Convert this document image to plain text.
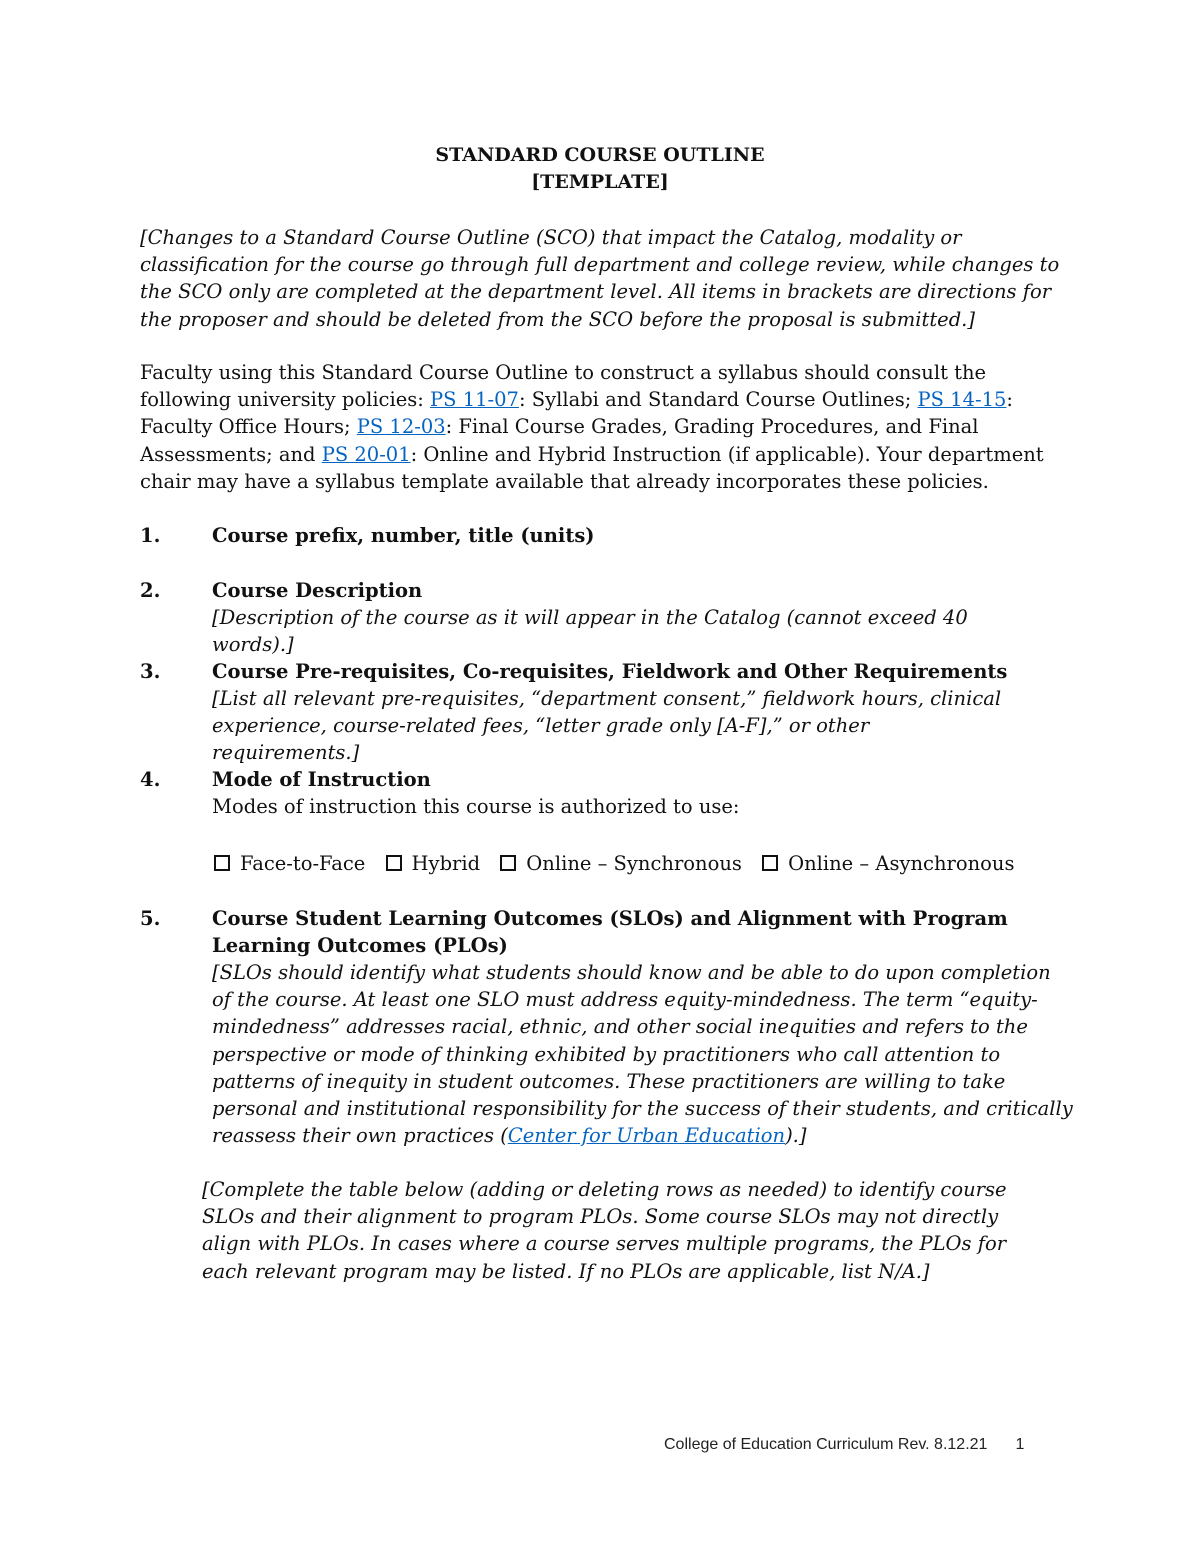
STANDARD COURSE OUTLINE
[TEMPLATE]
[Changes to a Standard Course Outline (SCO) that impact the Catalog, modality or classification for the course go through full department and college review, while changes to the SCO only are completed at the department level. All items in brackets are directions for the proposer and should be deleted from the SCO before the proposal is submitted.]
Faculty using this Standard Course Outline to construct a syllabus should consult the following university policies: PS 11-07: Syllabi and Standard Course Outlines; PS 14-15: Faculty Office Hours; PS 12-03: Final Course Grades, Grading Procedures, and Final Assessments; and PS 20-01: Online and Hybrid Instruction (if applicable). Your department chair may have a syllabus template available that already incorporates these policies.
1.	Course prefix, number, title (units)
2.	Course Description
[Description of the course as it will appear in the Catalog (cannot exceed 40 words).]
3.	Course Pre-requisites, Co-requisites, Fieldwork and Other Requirements
[List all relevant pre-requisites, “department consent,” fieldwork hours, clinical experience, course-related fees, “letter grade only [A-F],” or other requirements.]
4.	Mode of Instruction
Modes of instruction this course is authorized to use:
Face-to-Face Hybrid Online – Synchronous Online – Asynchronous
5.	Course Student Learning Outcomes (SLOs) and Alignment with Program Learning Outcomes (PLOs)
[SLOs should identify what students should know and be able to do upon completion of the course. At least one SLO must address equity-mindedness. The term “equity-mindedness” addresses racial, ethnic, and other social inequities and refers to the perspective or mode of thinking exhibited by practitioners who call attention to patterns of inequity in student outcomes. These practitioners are willing to take personal and institutional responsibility for the success of their students, and critically reassess their own practices (Center for Urban Education).]
[Complete the table below (adding or deleting rows as needed) to identify course SLOs and their alignment to program PLOs. Some course SLOs may not directly align with PLOs. In cases where a course serves multiple programs, the PLOs for each relevant program may be listed. If no PLOs are applicable, list N/A.]
College of Education Curriculum Rev. 8.12.21 1
